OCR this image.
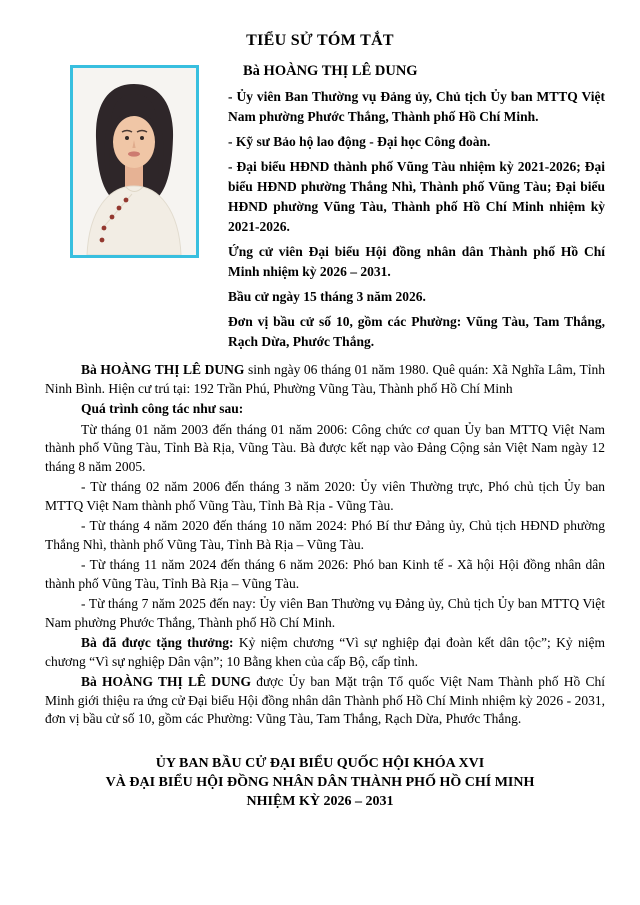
TIỂU SỬ TÓM TẮT
Bà HOÀNG THỊ LÊ DUNG

- Ủy viên Ban Thường vụ Đảng ủy, Chủ tịch Ủy ban MTTQ Việt Nam phường Phước Thắng, Thành phố Hồ Chí Minh.

- Kỹ sư Bảo hộ lao động - Đại học Công đoàn.

- Đại biểu HĐND thành phố Vũng Tàu nhiệm kỳ 2021-2026; Đại biểu HĐND phường Thắng Nhì, Thành phố Vũng Tàu; Đại biểu HĐND phường Vũng Tàu, Thành phố Hồ Chí Minh nhiệm kỳ 2021-2026.

Ứng cử viên Đại biểu Hội đồng nhân dân Thành phố Hồ Chí Minh nhiệm kỳ 2026 – 2031.

Bầu cử ngày 15 tháng 3 năm 2026.

Đơn vị bầu cử số 10, gồm các Phường: Vũng Tàu, Tam Thắng, Rạch Dừa, Phước Thắng.

Bà HOÀNG THỊ LÊ DUNG sinh ngày 06 tháng 01 năm 1980. Quê quán: Xã Nghĩa Lâm, Tỉnh Ninh Bình. Hiện cư trú tại: 192 Trần Phú, Phường Vũng Tàu, Thành phố Hồ Chí Minh

Quá trình công tác như sau:

Từ tháng 01 năm 2003 đến tháng 01 năm 2006: Công chức cơ quan Ủy ban MTTQ Việt Nam thành phố Vũng Tàu, Tỉnh Bà Rịa, Vũng Tàu. Bà được kết nạp vào Đảng Cộng sản Việt Nam ngày 12 tháng 8 năm 2005.

- Từ tháng 02 năm 2006 đến tháng 3 năm 2020: Ủy viên Thường trực, Phó chủ tịch Ủy ban MTTQ Việt Nam thành phố Vũng Tàu, Tỉnh Bà Rịa - Vũng Tàu.

- Từ tháng 4 năm 2020 đến tháng 10 năm 2024: Phó Bí thư Đảng ủy, Chủ tịch HĐND phường Thắng Nhì, thành phố Vũng Tàu, Tỉnh Bà Rịa – Vũng Tàu.

- Từ tháng 11 năm 2024 đến tháng 6 năm 2026: Phó ban Kinh tế - Xã hội Hội đồng nhân dân thành phố Vũng Tàu, Tỉnh Bà Rịa – Vũng Tàu.

- Từ tháng 7 năm 2025 đến nay: Ủy viên Ban Thường vụ Đảng ủy, Chủ tịch Ủy ban MTTQ Việt Nam phường Phước Thắng, Thành phố Hồ Chí Minh.

Bà đã được tặng thưởng: Kỷ niệm chương “Vì sự nghiệp đại đoàn kết dân tộc”; Kỷ niệm chương “Vì sự nghiệp Dân vận”; 10 Bằng khen của cấp Bộ, cấp tỉnh.

Bà HOÀNG THỊ LÊ DUNG được Ủy ban Mặt trận Tổ quốc Việt Nam Thành phố Hồ Chí Minh giới thiệu ra ứng cử Đại biểu Hội đồng nhân dân Thành phố Hồ Chí Minh nhiệm kỳ 2026 - 2031, đơn vị bầu cử số 10, gồm các Phường: Vũng Tàu, Tam Thắng, Rạch Dừa, Phước Thắng.

ỦY BAN BẦU CỬ ĐẠI BIỂU QUỐC HỘI KHÓA XVI
VÀ ĐẠI BIỂU HỘI ĐỒNG NHÂN DÂN THÀNH PHỐ HỒ CHÍ MINH
NHIỆM KỲ 2026 – 2031
